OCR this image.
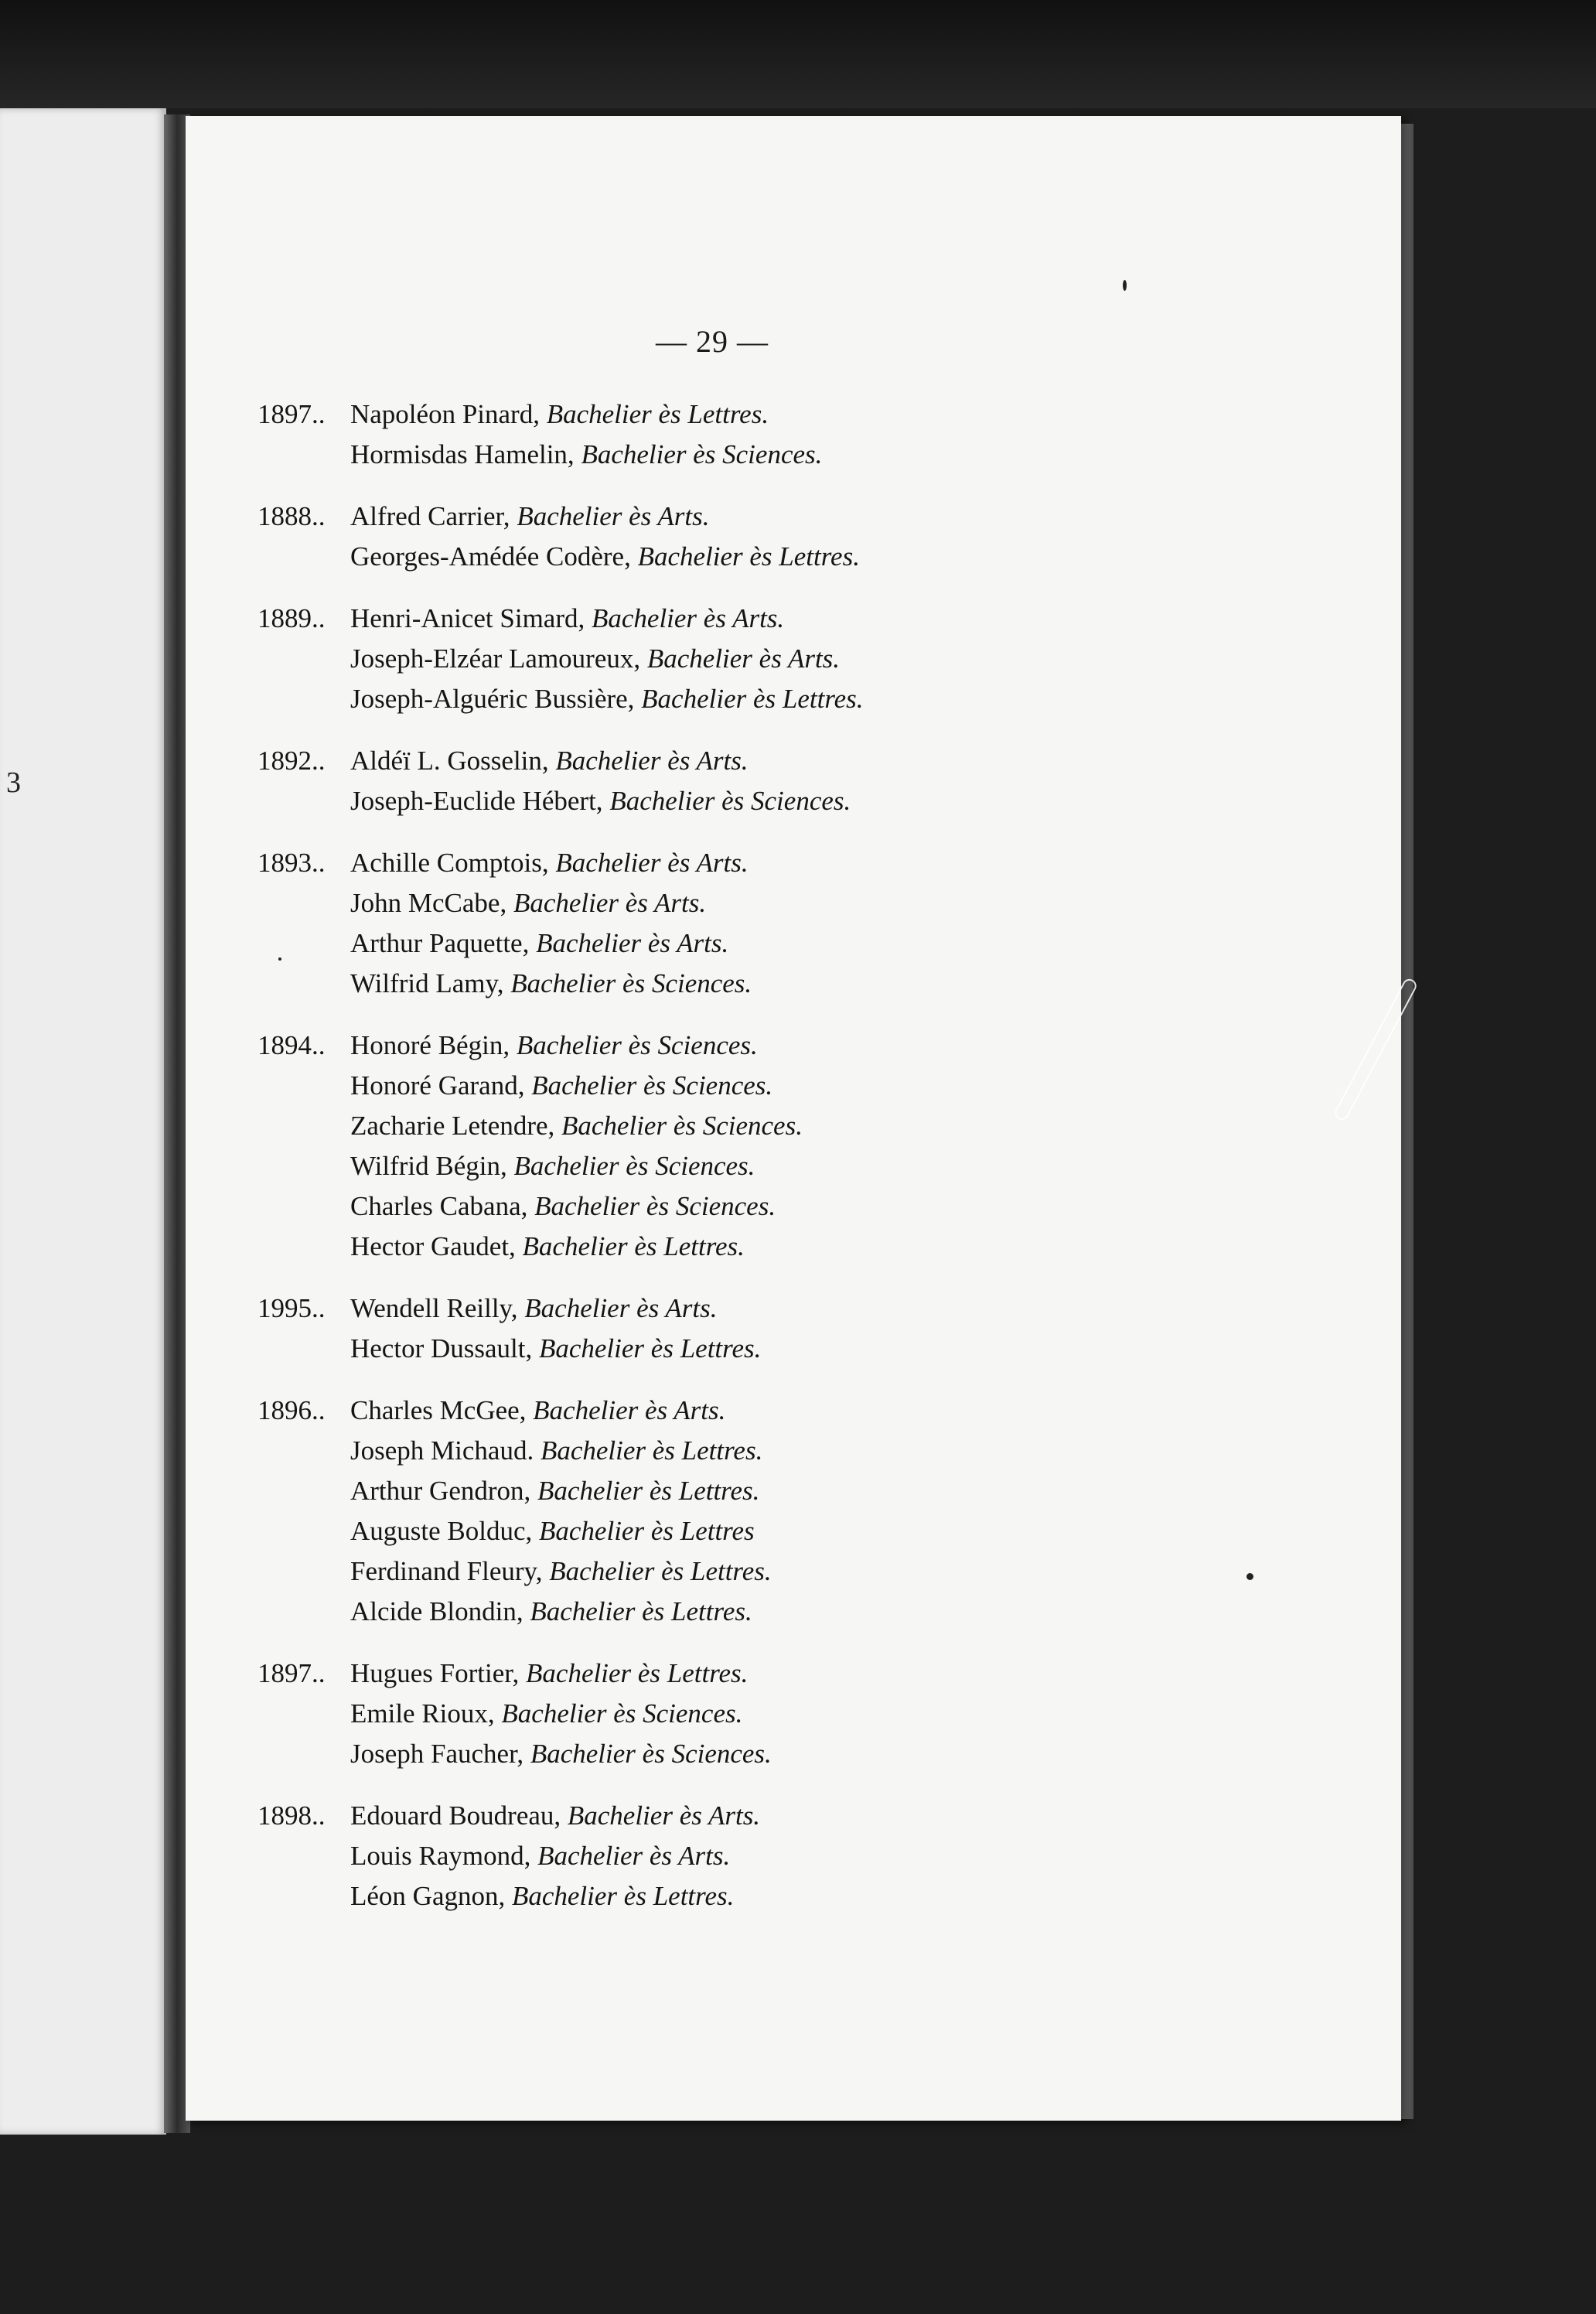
3
— 29 —
1897.. Napoléon Pinard, Bachelier ès Lettres.
Hormisdas Hamelin, Bachelier ès Sciences.
1888.. Alfred Carrier, Bachelier ès Arts.
Georges-Amédée Codère, Bachelier ès Lettres.
1889.. Henri-Anicet Simard, Bachelier ès Arts.
Joseph-Elzéar Lamoureux, Bachelier ès Arts.
Joseph-Alguéric Bussière, Bachelier ès Lettres.
1892.. Aldéï L. Gosselin, Bachelier ès Arts.
Joseph-Euclide Hébert, Bachelier ès Sciences.
1893.. Achille Comptois, Bachelier ès Arts.
John McCabe, Bachelier ès Arts.
Arthur Paquette, Bachelier ès Arts.
Wilfrid Lamy, Bachelier ès Sciences.
1894.. Honoré Bégin, Bachelier ès Sciences.
Honoré Garand, Bachelier ès Sciences.
Zacharie Letendre, Bachelier ès Sciences.
Wilfrid Bégin, Bachelier ès Sciences.
Charles Cabana, Bachelier ès Sciences.
Hector Gaudet, Bachelier ès Lettres.
1995.. Wendell Reilly, Bachelier ès Arts.
Hector Dussault, Bachelier ès Lettres.
1896.. Charles McGee, Bachelier ès Arts.
Joseph Michaud. Bachelier ès Lettres.
Arthur Gendron, Bachelier ès Lettres.
Auguste Bolduc, Bachelier ès Lettres
Ferdinand Fleury, Bachelier ès Lettres.
Alcide Blondin, Bachelier ès Lettres.
1897.. Hugues Fortier, Bachelier ès Lettres.
Emile Rioux, Bachelier ès Sciences.
Joseph Faucher, Bachelier ès Sciences.
1898.. Edouard Boudreau, Bachelier ès Arts.
Louis Raymond, Bachelier ès Arts.
Léon Gagnon, Bachelier ès Lettres.
